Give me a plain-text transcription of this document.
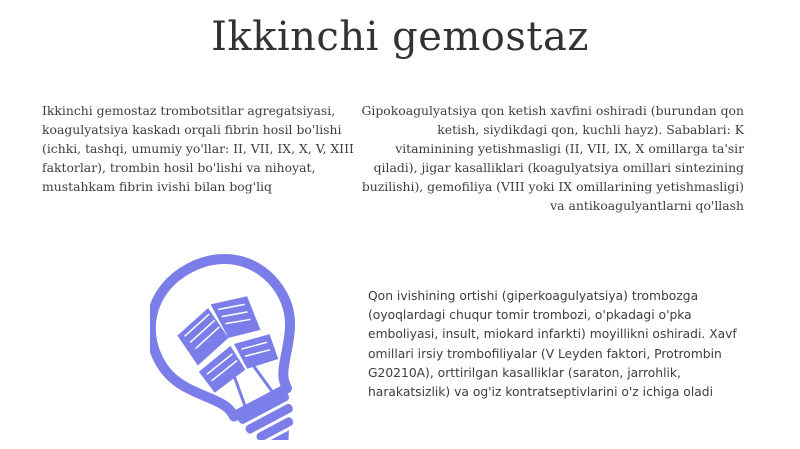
Ikkinchi gemostaz
Ikkinchi gemostaz trombotsitlar agregatsiyasi, koagulyatsiya kaskadı orqali fibrin hosil bo'lishi (ichki, tashqi, umumiy yo'llar: II, VII, IX, X, V, XIII faktorlar), trombin hosil bo'lishi va nihoyat, mustahkam fibrin ivishi bilan bog'liq
Gipokoagulyatsiya qon ketish xavfini oshiradi (burundan qon ketish, siydikdagi qon, kuchli hayz). Sabablari: K vitaminining yetishmasligi (II, VII, IX, X omillarga ta'sir qiladi), jigar kasalliklari (koagulyatsiya omillari sintezining buzilishi), gemofiliya (VIII yoki IX omillarining yetishmasligi) va antikoagulyantlarni qo'llash
Qon ivishining ortishi (giperkoagulyatsiya) trombozga (oyoqlardagi chuqur tomir trombozi, o'pkadagi o'pka emboliyasi, insult, miokard infarkti) moyillikni oshiradi. Xavf omillari irsiy trombofiliyalar (V Leyden faktori, Protrombin G20210A), orttirilgan kasalliklar (saraton, jarrohlik, harakatsizlik) va og'iz kontratseptivlarini o'z ichiga oladi
